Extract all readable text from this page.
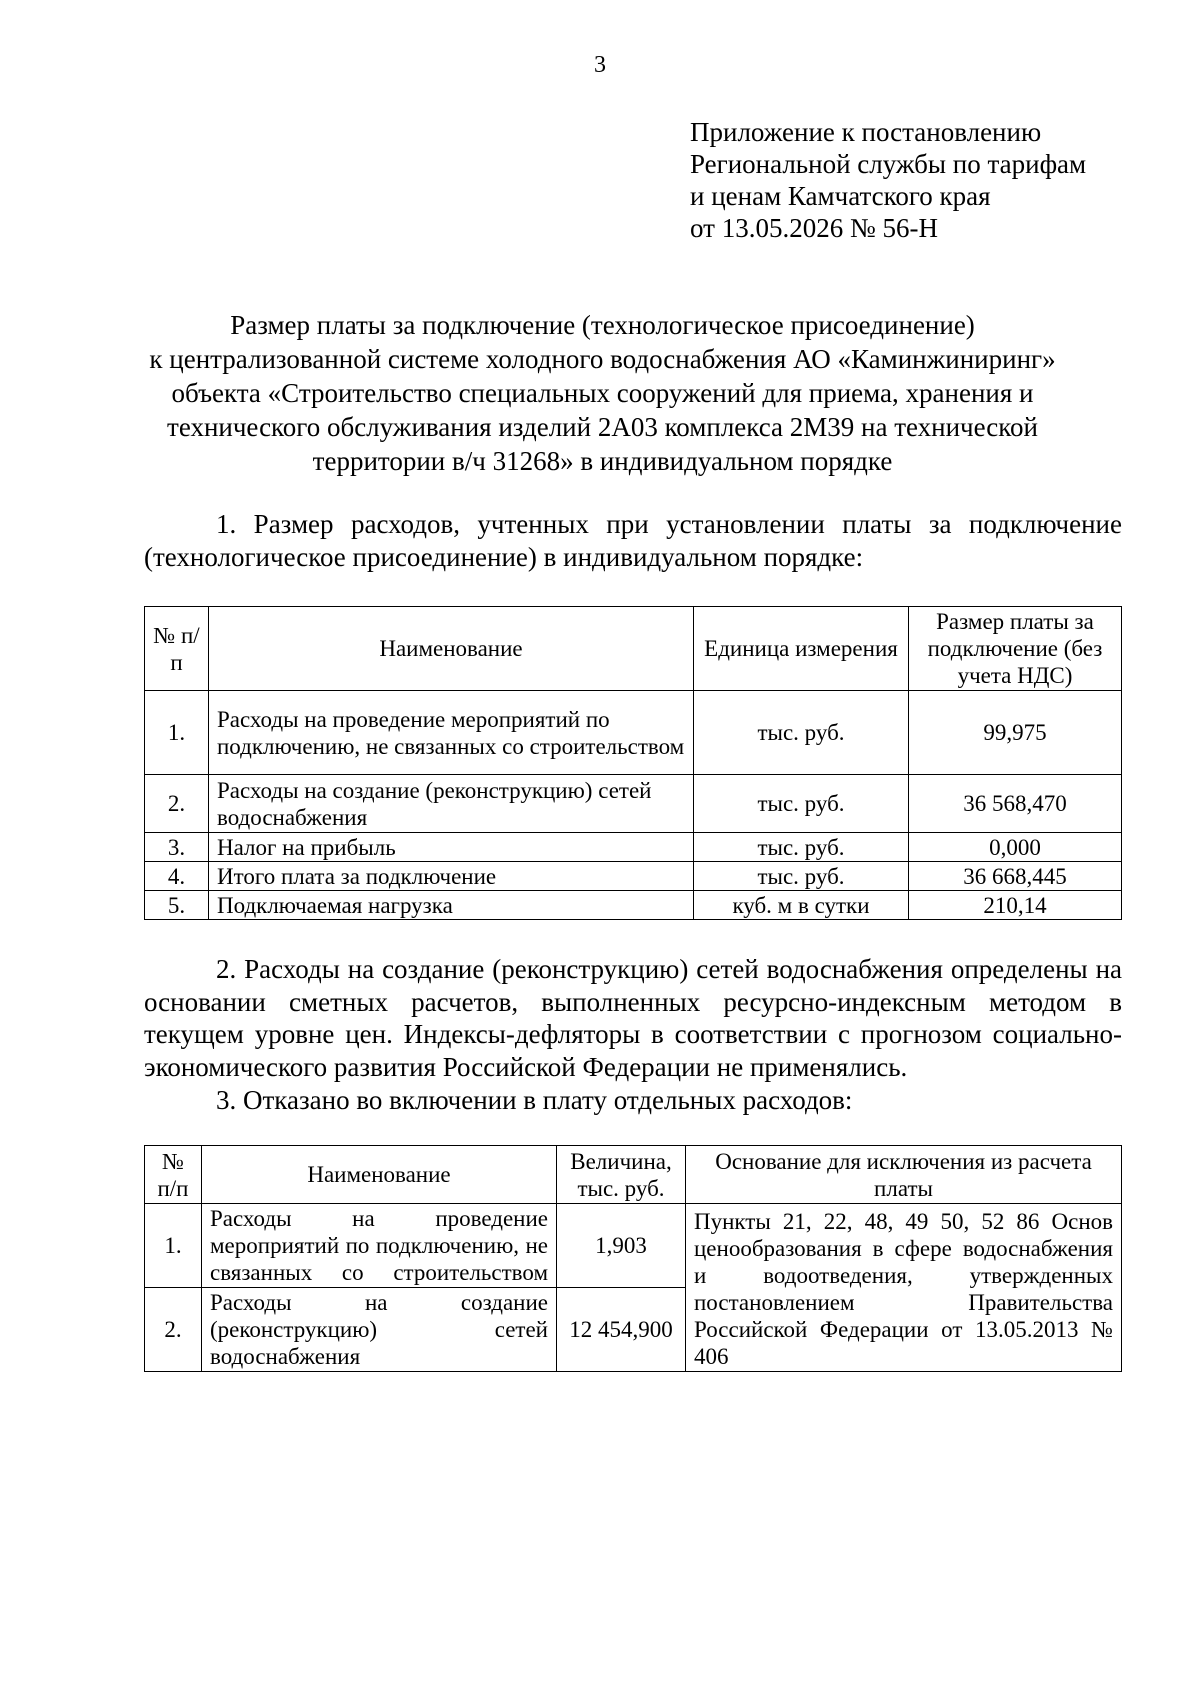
3
Приложение к постановлению
Региональной службы по тарифам
и ценам Камчатского края
от 13.05.2026 № 56-Н
Размер платы за подключение (технологическое присоединение)
к централизованной системе холодного водоснабжения АО «Каминжиниринг»
объекта «Строительство специальных сооружений для приема, хранения и
технического обслуживания изделий 2А03 комплекса 2М39 на технической
территории в/ч 31268» в индивидуальном порядке
1. Размер расходов, учтенных при установлении платы за подключение (технологическое присоединение) в индивидуальном порядке:
№ п/п	Наименование	Единица измерения	Размер платы за подключение (без учета НДС)
1.	Расходы на проведение мероприятий по подключению, не связанных со строительством	тыс. руб.	99,975
2.	Расходы на создание (реконструкцию) сетей водоснабжения	тыс. руб.	36 568,470
3.	Налог на прибыль	тыс. руб.	0,000
4.	Итого плата за подключение	тыс. руб.	36 668,445
5.	Подключаемая нагрузка	куб. м в сутки	210,14
2. Расходы на создание (реконструкцию) сетей водоснабжения определены на основании сметных расчетов, выполненных ресурсно-индексным методом в текущем уровне цен. Индексы-дефляторы в соответствии с прогнозом социально-экономического развития Российской Федерации не применялись.
3. Отказано во включении в плату отдельных расходов:
№ п/п	Наименование	Величина, тыс. руб.	Основание для исключения из расчета платы
1.	Расходы на проведение мероприятий по подключению, не связанных со строительством	1,903	Пункты 21, 22, 48, 49 50, 52 86 Основ ценообразования в сфере водоснабжения и водоотведения, утвержденных постановлением Правительства Российской Федерации от 13.05.2013 № 406
2.	Расходы на создание (реконструкцию) сетей водоснабжения	12 454,900	
